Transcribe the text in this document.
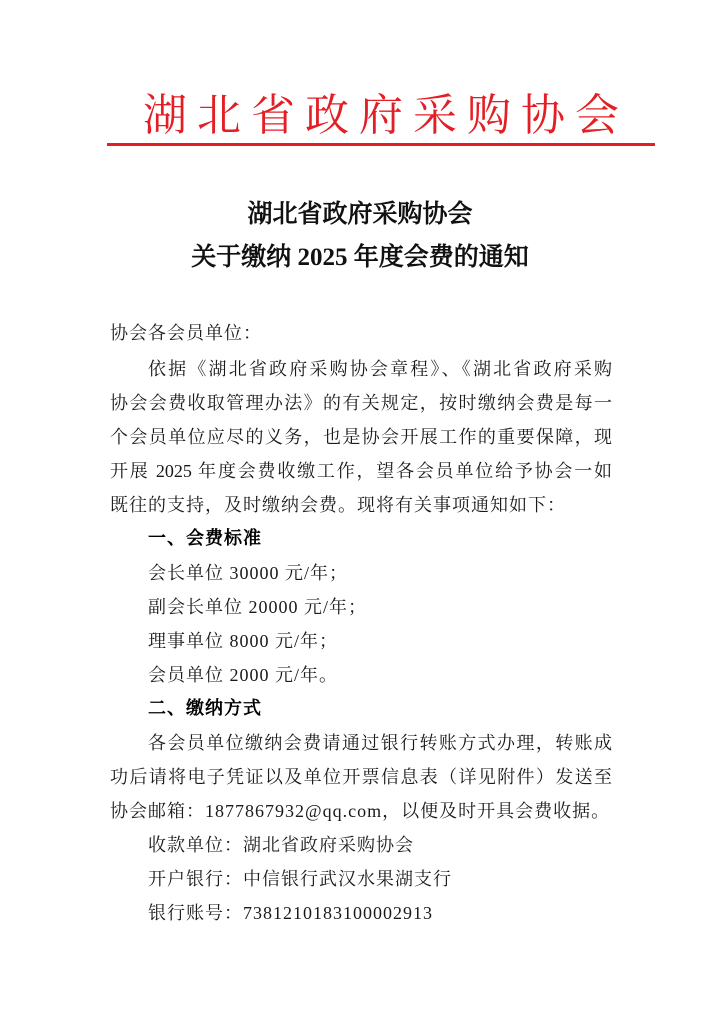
湖北省政府采购协会
湖北省政府采购协会
关于缴纳 2025 年度会费的通知
协会各会员单位：
依据《湖北省政府采购协会章程》、《湖北省政府采购
协会会费收取管理办法》的有关规定，按时缴纳会费是每一
个会员单位应尽的义务，也是协会开展工作的重要保障，现
开展 2025 年度会费收缴工作，望各会员单位给予协会一如
既往的支持，及时缴纳会费。现将有关事项通知如下：
一、会费标准
会长单位 30000 元/年；
副会长单位 20000 元/年；
理事单位 8000 元/年；
会员单位 2000 元/年。
二、缴纳方式
各会员单位缴纳会费请通过银行转账方式办理，转账成
功后请将电子凭证以及单位开票信息表（详见附件）发送至
协会邮箱：1877867932@qq.com，以便及时开具会费收据。
收款单位：湖北省政府采购协会
开户银行：中信银行武汉水果湖支行
银行账号：7381210183100002913
